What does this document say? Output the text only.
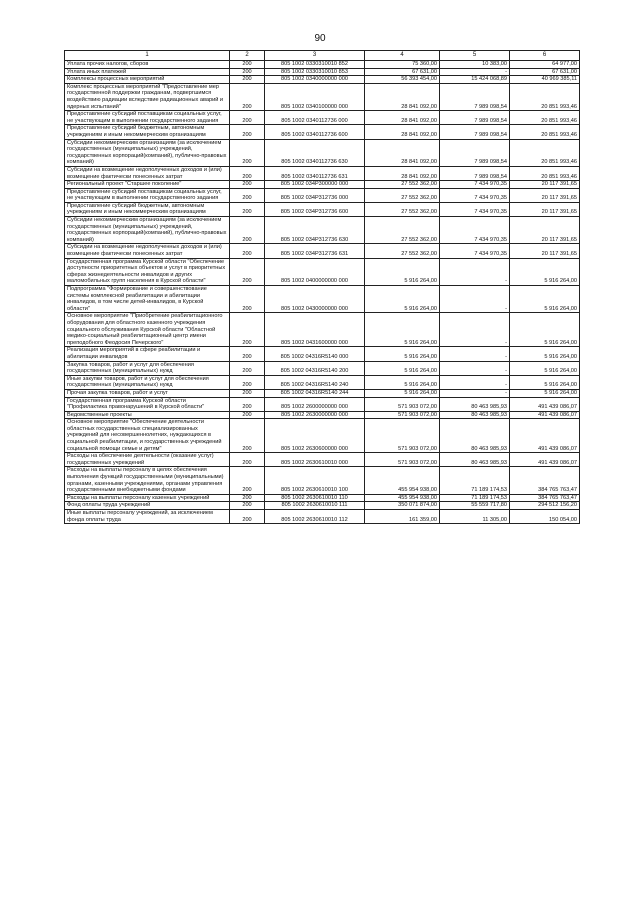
90
1	2	3	4	5	6
Уплата прочих налогов, сборов	200	805 1002 0330310010 852	75 360,00	10 383,00	64 977,00
Уплата иных платежей	200	805 1002 0330310010 853	67 631,00	-	67 631,00
Комплексы процессных мероприятий	200	805 1002 0340000000 000	56 393 454,00	15 424 068,89	40 969 385,11
Комплекс процессных мероприятий "Предоставление мер государственной поддержки гражданам, подвергшимся воздействию радиации вследствие радиационных аварий и ядерных испытаний"	200	805 1002 0340100000 000	28 841 092,00	7 989 098,54	20 851 993,46
Предоставление субсидий поставщикам социальных услуг, не участвующим в выполнении государственного задания	200	805 1002 0340112736 000	28 841 092,00	7 989 098,54	20 851 993,46
Предоставление субсидий бюджетным, автономным учреждениям и иным некоммерческим организациям	200	805 1002 0340112736 600	28 841 092,00	7 989 098,54	20 851 993,46
Субсидии некоммерческим организациям (за исключением государственных (муниципальных) учреждений, государственных корпораций(компаний), публично-правовых компаний)	200	805 1002 0340112736 630	28 841 092,00	7 989 098,54	20 851 993,46
Субсидии на возмещение недополученных доходов и (или) возмещение фактически понесенных затрат	200	805 1002 0340112736 631	28 841 092,00	7 989 098,54	20 851 993,46
Региональный проект "Старшее поколение"	200	805 1002 034P300000 000	27 552 362,00	7 434 970,35	20 117 391,65
Предоставление субсидий поставщикам социальных услуг, не участвующим в выполнении государственного задания	200	805 1002 034P312736 000	27 552 362,00	7 434 970,35	20 117 391,65
Предоставление субсидий бюджетным, автономным учреждениям и иным некоммерческим организациям	200	805 1002 034P312736 600	27 552 362,00	7 434 970,35	20 117 391,65
Субсидии некоммерческим организациям (за исключением государственных (муниципальных) учреждений, государственных корпораций(компаний), публично-правовых компаний)	200	805 1002 034P312736 630	27 552 362,00	7 434 970,35	20 117 391,65
Субсидии на возмещение недополученных доходов и (или) возмещение фактически понесенных затрат	200	805 1002 034P312736 631	27 552 362,00	7 434 970,35	20 117 391,65
Государственная программа Курской области "Обеспечение доступности приоритетных объектов и услуг в приоритетных сферах жизнедеятельности инвалидов и других маломобильных групп населения в Курской области"	200	805 1002 0400000000 000	5 916 264,00	-	5 916 264,00
Подпрограмма "Формирование и совершенствование системы комплексной реабилитации и абилитации инвалидов, в том числе детей-инвалидов, в Курской области"	200	805 1002 0430000000 000	5 916 264,00	-	5 916 264,00
Основное мероприятие "Приобретение реабилитационного оборудования для областного казенного учреждения социального обслуживания Курской области "Областной медико-социальный реабилитационный центр имени преподобного Феодосия Печерского"	200	805 1002 0431600000 000	5 916 264,00	-	5 916 264,00
Реализация мероприятий в сфере реабилитации и абилитации инвалидов	200	805 1002 04316R5140 000	5 916 264,00	-	5 916 264,00
Закупка товаров, работ и услуг для обеспечения государственных (муниципальных) нужд	200	805 1002 04316R5140 200	5 916 264,00	-	5 916 264,00
Иные закупки товаров, работ и услуг для обеспечения государственных (муниципальных) нужд	200	805 1002 04316R5140 240	5 916 264,00	-	5 916 264,00
Прочая закупка товаров, работ и услуг	200	805 1002 04316R5140 244	5 916 264,00	-	5 916 264,00
Государственная программа Курской области "Профилактика правонарушений в Курской области"	200	805 1002 2600000000 000	571 903 072,00	80 463 985,93	491 439 086,07
Ведомственные проекты	200	805 1002 2630000000 000	571 903 072,00	80 463 985,93	491 439 086,07
Основное мероприятие "Обеспечение деятельности областных государственных специализированных учреждений для несовершеннолетних, нуждающихся в социальной реабилитации, и государственных учреждений социальной помощи семье и детям"	200	805 1002 2630600000 000	571 903 072,00	80 463 985,93	491 439 086,07
Расходы на обеспечение деятельности (оказание услуг) государственных учреждений	200	805 1002 2630610010 000	571 903 072,00	80 463 985,93	491 439 086,07
Расходы на выплаты персоналу в целях обеспечения выполнения функций государственными (муниципальными) органами, казенными учреждениями, органами управления государственными внебюджетными фондами	200	805 1002 2630610010 100	455 954 938,00	71 189 174,53	384 765 763,47
Расходы на выплаты персоналу казенных учреждений	200	805 1002 2630610010 110	455 954 938,00	71 189 174,53	384 765 763,47
Фонд оплаты труда учреждений	200	805 1002 2630610010 111	350 071 874,00	55 559 717,80	294 512 156,20
Иные выплаты персоналу учреждений, за исключением фонда оплаты труда	200	805 1002 2630610010 112	161 359,00	11 305,00	150 054,00
